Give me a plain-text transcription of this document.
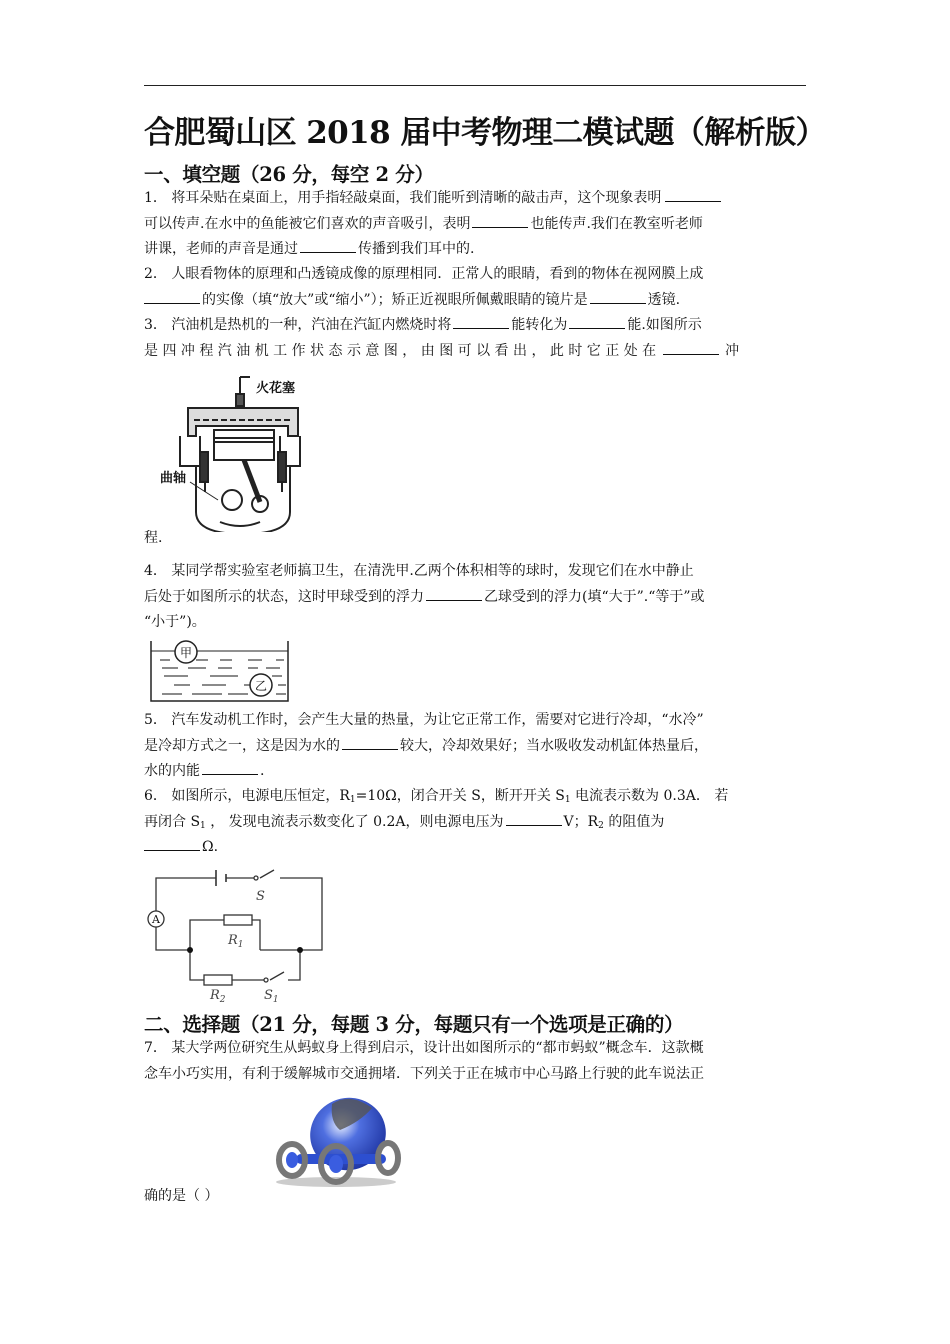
合肥蜀山区 2018 届中考物理二模试题（解析版）
一、填空题（26 分，每空 2 分）
1． 将耳朵贴在桌面上，用手指轻敲桌面，我们能听到清晰的敲击声，这个现象表明
可以传声.在水中的鱼能被它们喜欢的声音吸引，表明	也能传声.我们在教室听老师
讲课，老师的声音是通过	传播到我们耳中的.
2． 人眼看物体的原理和凸透镜成像的原理相同．正常人的眼睛，看到的物体在视网膜上成
的实像（填“放大”或“缩小”）；矫正近视眼所佩戴眼睛的镜片是	透镜.
3． 汽油机是热机的一种，汽油在汽缸内燃烧时将	能转化为	能.如图所示
是 四 冲 程 汽 油 机 工 作 状 态 示 意 图 ， 由 图 可 以 看 出 ， 此 时 它 正 处 在	冲
火花塞
曲轴
程.
4． 某同学帮实验室老师搞卫生，在清洗甲.乙两个体积相等的球时，发现它们在水中静止
后处于如图所示的状态，这时甲球受到的浮力	乙球受到的浮力(填“大于”.“等于”或
“小于”)。
甲
乙
5． 汽车发动机工作时，会产生大量的热量，为让它正常工作，需要对它进行冷却，“水冷”
是冷却方式之一，这是因为水的	较大，冷却效果好；当水吸收发动机缸体热量后，
水的内能	.
6． 如图所示，电源电压恒定，$R_1=10\Omega$，闭合开关 S，断开开关 $S_1$ 电流表示数为 0.3A． 若
再闭合 $S_1$ ， 发现电流表示数变化了 0.2A，则电源电压为	V；$R_2$ 的阻值为
Ω.
A
S
$R_1$
$R_2$	$S_1$
二、选择题（21 分，每题 3 分，每题只有一个选项是正确的）
7． 某大学两位研究生从蚂蚁身上得到启示，设计出如图所示的“都市蚂蚁”概念车．这款概
念车小巧实用，有利于缓解城市交通拥堵．下列关于正在城市中心马路上行驶的此车说法正
确的是（ ）
